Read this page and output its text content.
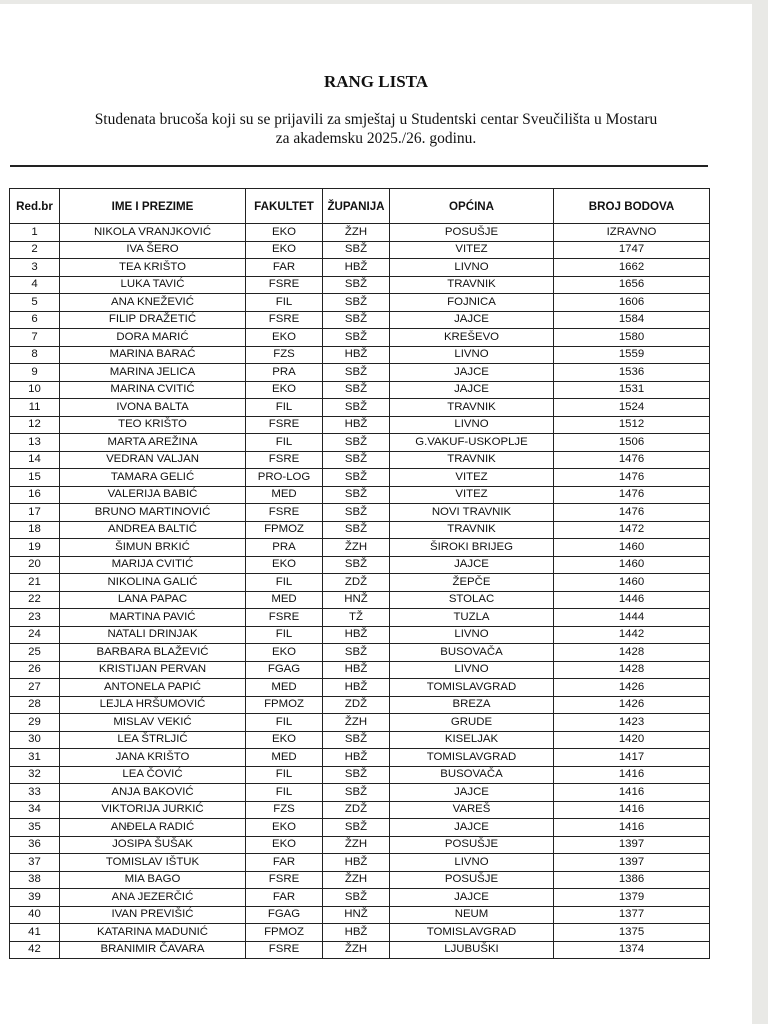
RANG LISTA
Studenata brucoša koji su se prijavili za smještaj u Studentski centar Sveučilišta u Mostaru
za akademsku 2025./26. godinu.
Red.br	IME I PREZIME	FAKULTET	ŽUPANIJA	OPĆINA	BROJ BODOVA
1	NIKOLA VRANJKOVIĆ	EKO	ŽZH	POSUŠJE	IZRAVNO
2	IVA ŠERO	EKO	SBŽ	VITEZ	1747
3	TEA KRIŠTO	FAR	HBŽ	LIVNO	1662
4	LUKA TAVIĆ	FSRE	SBŽ	TRAVNIK	1656
5	ANA KNEŽEVIĆ	FIL	SBŽ	FOJNICA	1606
6	FILIP DRAŽETIĆ	FSRE	SBŽ	JAJCE	1584
7	DORA MARIĆ	EKO	SBŽ	KREŠEVO	1580
8	MARINA BARAĆ	FZS	HBŽ	LIVNO	1559
9	MARINA JELICA	PRA	SBŽ	JAJCE	1536
10	MARINA CVITIĆ	EKO	SBŽ	JAJCE	1531
11	IVONA BALTA	FIL	SBŽ	TRAVNIK	1524
12	TEO KRIŠTO	FSRE	HBŽ	LIVNO	1512
13	MARTA AREŽINA	FIL	SBŽ	G.VAKUF-USKOPLJE	1506
14	VEDRAN VALJAN	FSRE	SBŽ	TRAVNIK	1476
15	TAMARA GELIĆ	PRO-LOG	SBŽ	VITEZ	1476
16	VALERIJA BABIĆ	MED	SBŽ	VITEZ	1476
17	BRUNO MARTINOVIĆ	FSRE	SBŽ	NOVI TRAVNIK	1476
18	ANDREA BALTIĆ	FPMOZ	SBŽ	TRAVNIK	1472
19	ŠIMUN BRKIĆ	PRA	ŽZH	ŠIROKI BRIJEG	1460
20	MARIJA CVITIĆ	EKO	SBŽ	JAJCE	1460
21	NIKOLINA GALIĆ	FIL	ZDŽ	ŽEPČE	1460
22	LANA PAPAC	MED	HNŽ	STOLAC	1446
23	MARTINA PAVIĆ	FSRE	TŽ	TUZLA	1444
24	NATALI DRINJAK	FIL	HBŽ	LIVNO	1442
25	BARBARA BLAŽEVIĆ	EKO	SBŽ	BUSOVAČA	1428
26	KRISTIJAN PERVAN	FGAG	HBŽ	LIVNO	1428
27	ANTONELA PAPIĆ	MED	HBŽ	TOMISLAVGRAD	1426
28	LEJLA HRŠUMOVIĆ	FPMOZ	ZDŽ	BREZA	1426
29	MISLAV VEKIĆ	FIL	ŽZH	GRUDE	1423
30	LEA ŠTRLJIĆ	EKO	SBŽ	KISELJAK	1420
31	JANA KRIŠTO	MED	HBŽ	TOMISLAVGRAD	1417
32	LEA ČOVIĆ	FIL	SBŽ	BUSOVAČA	1416
33	ANJA BAKOVIĆ	FIL	SBŽ	JAJCE	1416
34	VIKTORIJA JURKIĆ	FZS	ZDŽ	VAREŠ	1416
35	ANĐELA RADIĆ	EKO	SBŽ	JAJCE	1416
36	JOSIPA ŠUŠAK	EKO	ŽZH	POSUŠJE	1397
37	TOMISLAV IŠTUK	FAR	HBŽ	LIVNO	1397
38	MIA BAGO	FSRE	ŽZH	POSUŠJE	1386
39	ANA JEZERČIĆ	FAR	SBŽ	JAJCE	1379
40	IVAN PREVIŠIĆ	FGAG	HNŽ	NEUM	1377
41	KATARINA MADUNIĆ	FPMOZ	HBŽ	TOMISLAVGRAD	1375
42	BRANIMIR ČAVARA	FSRE	ŽZH	LJUBUŠKI	1374
